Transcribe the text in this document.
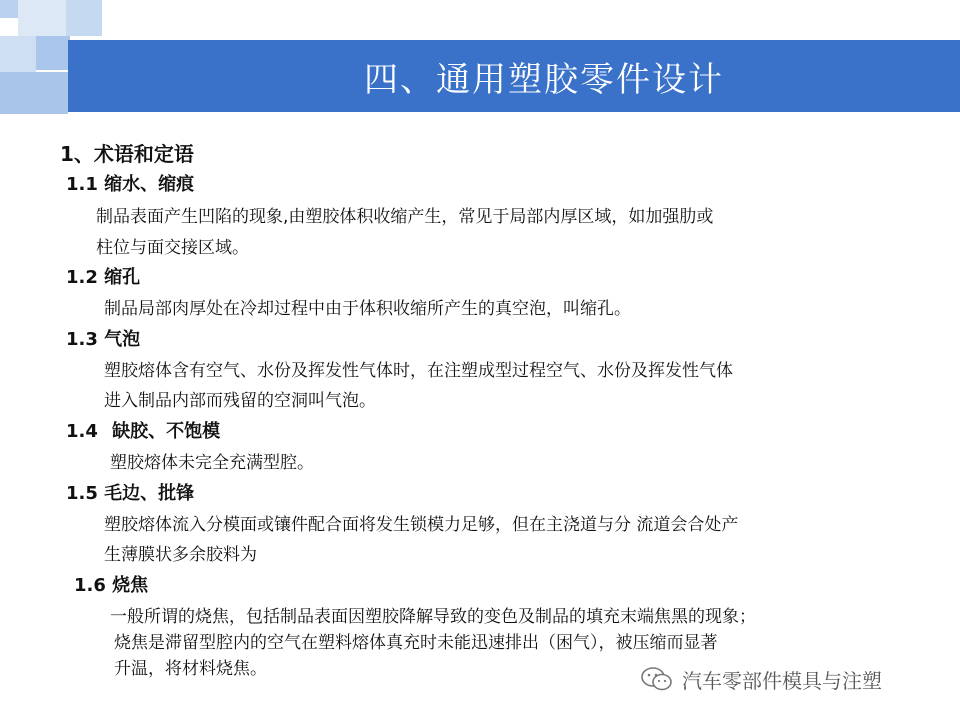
四、通用塑胶零件设计
1、术语和定语
1.1 缩水、缩痕
制品表面产生凹陷的现象,由塑胶体积收缩产生，常见于局部内厚区域，如加强肋或
柱位与面交接区域。
1.2 缩孔
制品局部肉厚处在冷却过程中由于体积收缩所产生的真空泡，叫缩孔。
1.3 气泡
塑胶熔体含有空气、水份及挥发性气体时，在注塑成型过程空气、水份及挥发性气体
进入制品内部而残留的空洞叫气泡。
1.4 缺胶、不饱模
塑胶熔体未完全充满型腔。
1.5 毛边、批锋
塑胶熔体流入分模面或镶件配合面将发生锁模力足够，但在主浇道与分 流道会合处产
生薄膜状多余胶料为
1.6 烧焦
一般所谓的烧焦，包括制品表面因塑胶降解导致的变色及制品的填充末端焦黑的现象；
烧焦是滞留型腔内的空气在塑料熔体真充时未能迅速排出（困气），被压缩而显著
升温，将材料烧焦。	汽车零部件模具与注塑
